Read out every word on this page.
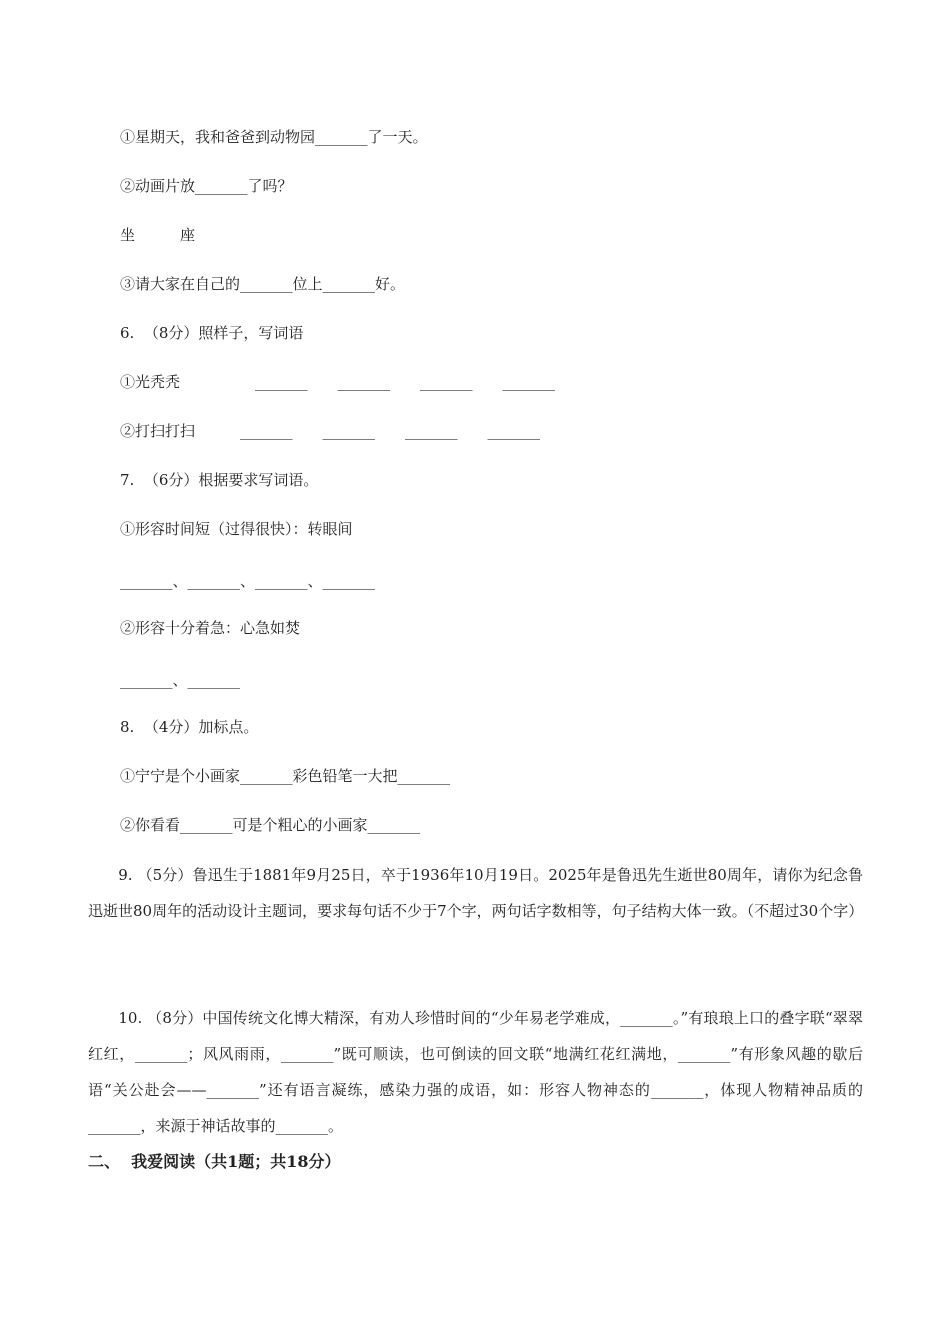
①星期天，我和爸爸到动物园_______了一天。
②动画片放_______了吗？
坐　　　座
③请大家在自己的_______位上_______好。
6.  （8分）照样子，写词语
①光秃秃　　　　　_______　　_______　　_______　　_______
②打扫打扫　　　_______　　_______　　_______　　_______
7.  （6分）根据要求写词语。
①形容时间短（过得很快）：转眼间
_______、_______、_______、_______
②形容十分着急：心急如焚
_______、_______
8.  （4分）加标点。
①宁宁是个小画家_______彩色铅笔一大把_______
②你看看_______可是个粗心的小画家_______
　　9. （5分）鲁迅生于1881年9月25日，卒于1936年10月19日。2025年是鲁迅先生逝世80周年，请你为纪念鲁迅逝世80周年的活动设计主题词，要求每句话不少于7个字，两句话字数相等，句子结构大体一致。（不超过30个字）
　　10. （8分）中国传统文化博大精深，有劝人珍惜时间的“少年易老学难成，_______。”有琅琅上口的叠字联“翠翠红红，_______；风风雨雨，_______”既可顺读，也可倒读的回文联“地满红花红满地，_______”有形象风趣的歇后语“关公赴会——_______”还有语言凝练，感染力强的成语，如：形容人物神态的_______，体现人物精神品质的_______，来源于神话故事的_______。
二、  我爱阅读（共1题；共18分）
